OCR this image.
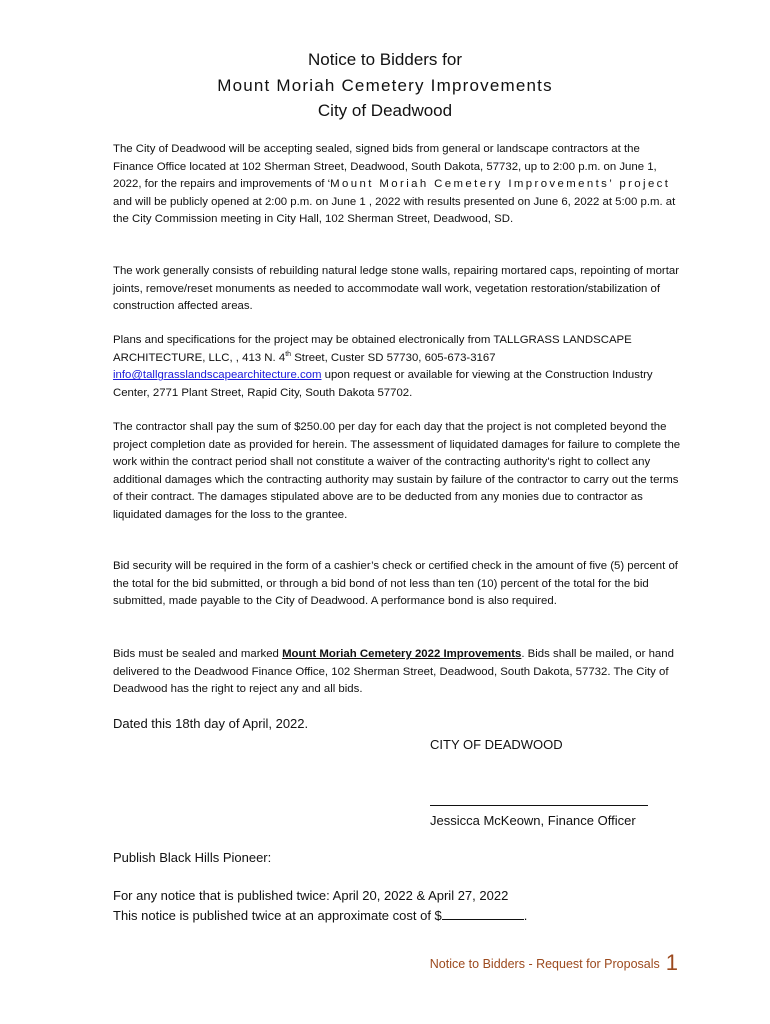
Notice to Bidders for
Mount Moriah Cemetery Improvements
City of Deadwood

The City of Deadwood will be accepting sealed, signed bids from general or landscape contractors at the Finance Office located at 102 Sherman Street, Deadwood, South Dakota, 57732, up to 2:00 p.m. on June 1, 2022, for the repairs and improvements of ‘Mount Moriah Cemetery Improvements’ project and will be publicly opened at 2:00 p.m. on June 1 , 2022 with results presented on June 6, 2022 at 5:00 p.m. at the City Commission meeting in City Hall, 102 Sherman Street, Deadwood, SD.

The work generally consists of rebuilding natural ledge stone walls, repairing mortared caps, repointing of mortar joints, remove/reset monuments as needed to accommodate wall work, vegetation restoration/stabilization of construction affected areas.

Plans and specifications for the project may be obtained electronically from TALLGRASS LANDSCAPE ARCHITECTURE, LLC, , 413 N. 4th Street, Custer SD 57730, 605-673-3167 info@tallgrasslandscapearchitecture.com upon request or available for viewing at the Construction Industry Center, 2771 Plant Street, Rapid City, South Dakota 57702.

The contractor shall pay the sum of $250.00 per day for each day that the project is not completed beyond the project completion date as provided for herein. The assessment of liquidated damages for failure to complete the work within the contract period shall not constitute a waiver of the contracting authority's right to collect any additional damages which the contracting authority may sustain by failure of the contractor to carry out the terms of their contract. The damages stipulated above are to be deducted from any monies due to contractor as liquidated damages for the loss to the grantee.

Bid security will be required in the form of a cashier’s check or certified check in the amount of five (5) percent of the total for the bid submitted, or through a bid bond of not less than ten (10) percent of the total for the bid submitted, made payable to the City of Deadwood. A performance bond is also required.

Bids must be sealed and marked Mount Moriah Cemetery 2022 Improvements. Bids shall be mailed, or hand delivered to the Deadwood Finance Office, 102 Sherman Street, Deadwood, South Dakota, 57732. The City of Deadwood has the right to reject any and all bids.

Dated this 18th day of April, 2022.
CITY OF DEADWOOD
Jessicca McKeown, Finance Officer
Publish Black Hills Pioneer:
For any notice that is published twice: April 20, 2022 & April 27, 2022
This notice is published twice at an approximate cost of $	.
Notice to Bidders - Request for Proposals 1
